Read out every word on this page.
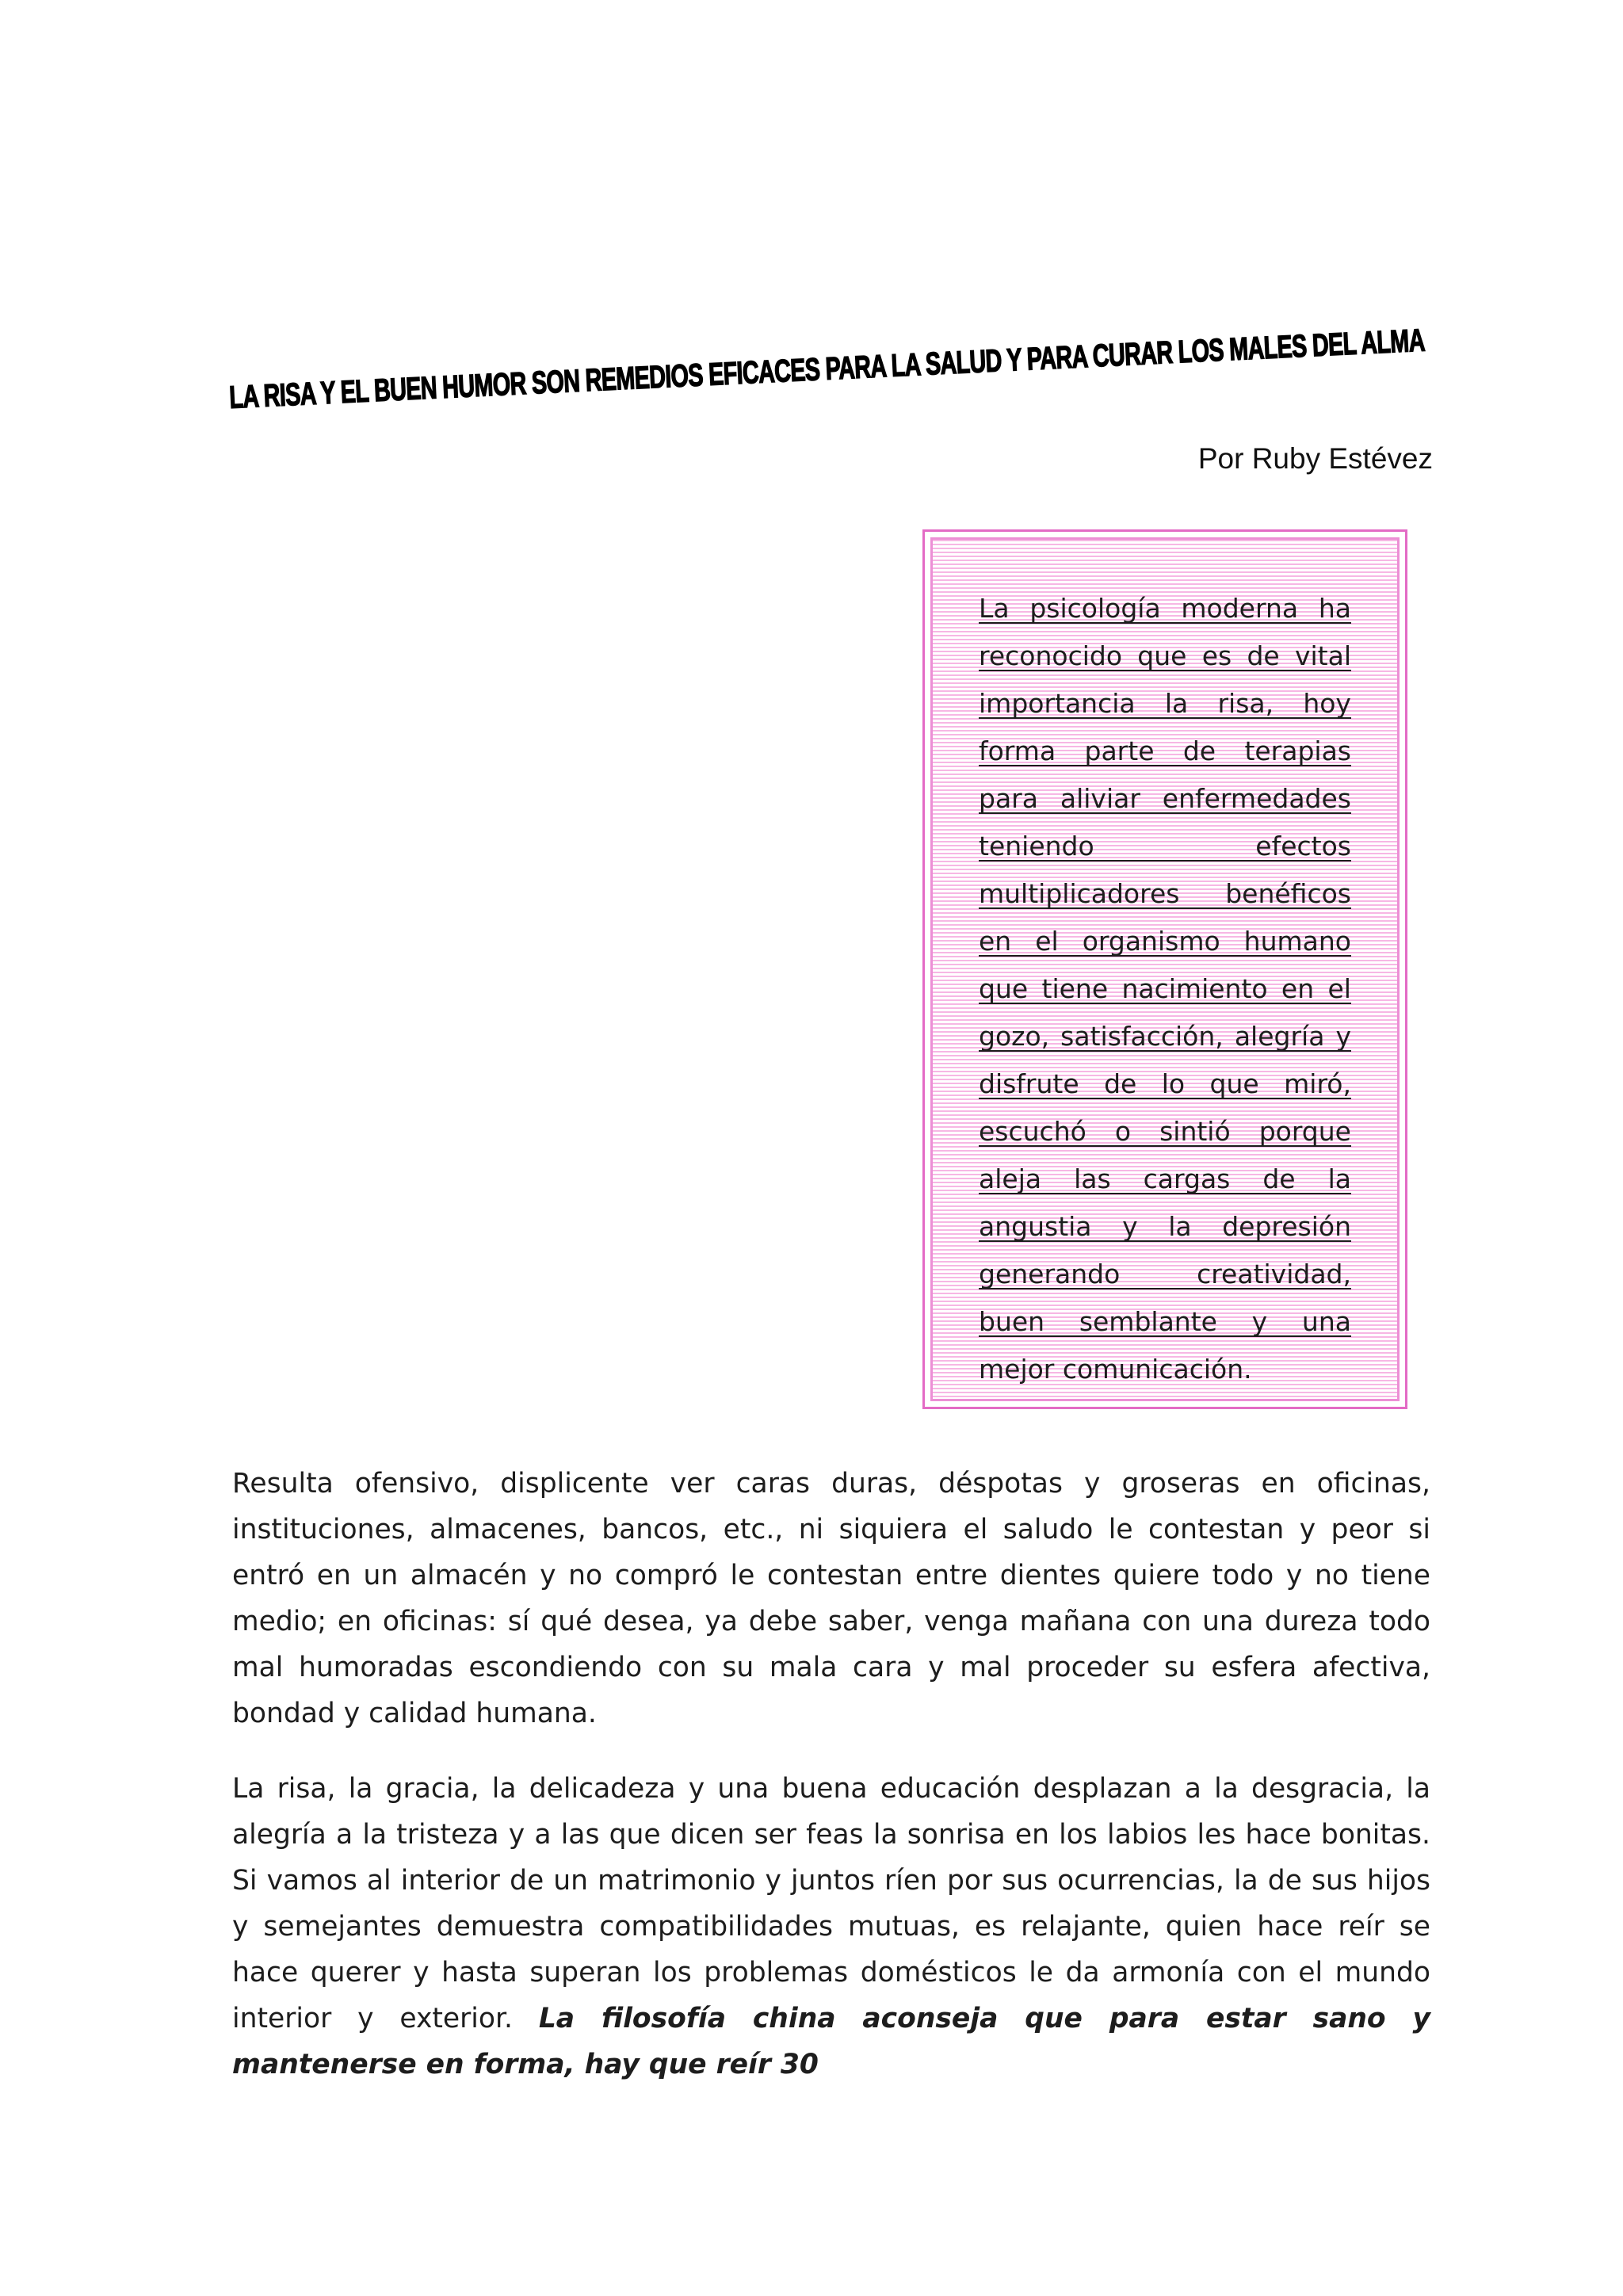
LA RISA Y EL BUEN HUMOR SON REMEDIOS EFICACES PARA LA SALUD Y PARA CURAR LOS MALES DEL ALMA
Por Ruby Estévez
La psicología moderna ha
reconocido que es de vital
importancia la risa, hoy
forma parte de terapias
para aliviar enfermedades
teniendo	efectos
multiplicadores benéficos
en el organismo humano
que tiene nacimiento en el
gozo, satisfacción, alegría y
disfrute de lo que miró,
escuchó o sintió porque
aleja las cargas de la
angustia y la depresión
generando	creatividad,
buen semblante y una
mejor comunicación.

Resulta ofensivo, displicente ver caras duras, déspotas y groseras en oficinas, instituciones, almacenes, bancos, etc., ni siquiera el saludo le contestan y peor si entró en un almacén y no compró le contestan entre dientes quiere todo y no tiene medio; en oficinas: sí qué desea, ya debe saber, venga mañana con una dureza todo mal humoradas escondiendo con su mala cara y mal proceder su esfera afectiva, bondad y calidad humana.

La risa, la gracia, la delicadeza y una buena educación desplazan a la desgracia, la alegría a la tristeza y a las que dicen ser feas la sonrisa en los labios les hace bonitas. Si vamos al interior de un matrimonio y juntos ríen por sus ocurrencias, la de sus hijos y semejantes demuestra compatibilidades mutuas, es relajante, quien hace reír se hace querer y hasta superan los problemas domésticos le da armonía con el mundo interior y exterior. La filosofía china aconseja que para estar sano y mantenerse en forma, hay que reír 30
